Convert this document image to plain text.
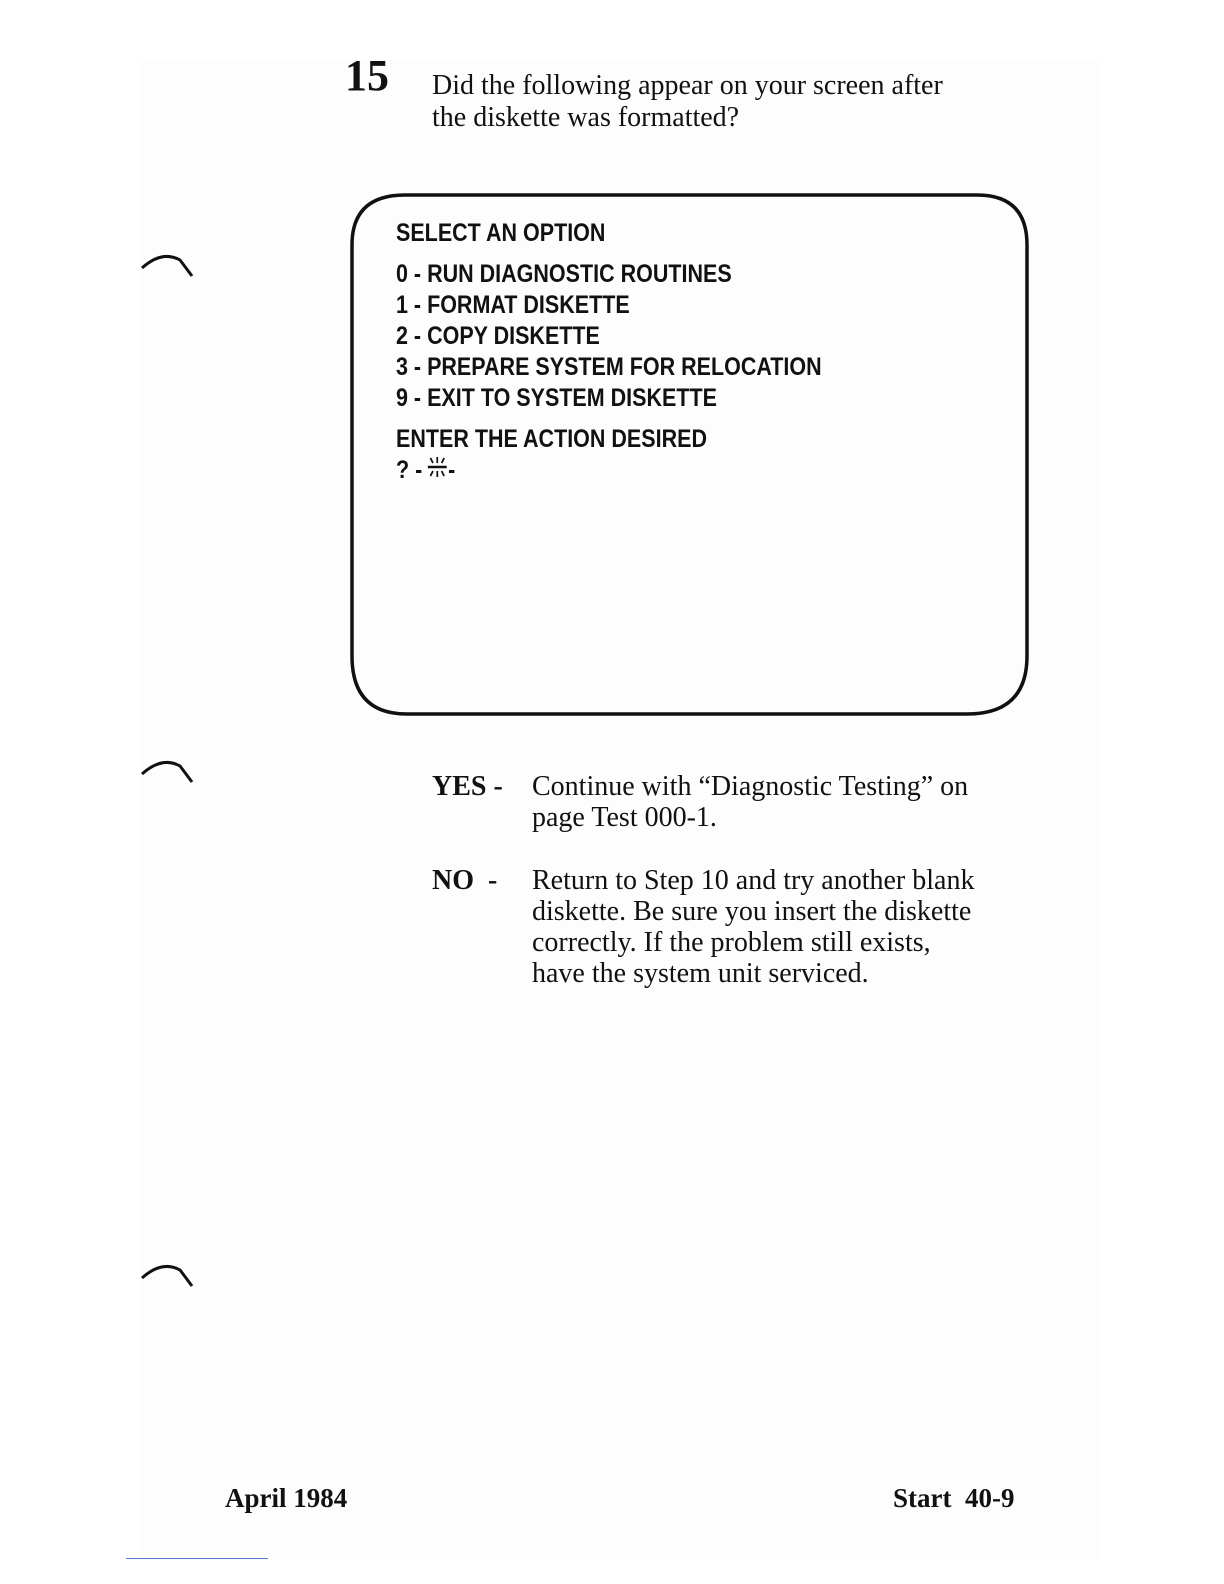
15 Did the following appear on your screen after
the diskette was formatted?
SELECT AN OPTION
0 - RUN DIAGNOSTIC ROUTINES
1 - FORMAT DISKETTE
2 - COPY DISKETTE
3 - PREPARE SYSTEM FOR RELOCATION
9 - EXIT TO SYSTEM DISKETTE
ENTER THE ACTION DESIRED
? - -
YES - Continue with “Diagnostic Testing” on
page Test 000-1.
NO  - Return to Step 10 and try another blank
diskette. Be sure you insert the diskette
correctly. If the problem still exists,
have the system unit serviced.
April 1984	Start  40-9
